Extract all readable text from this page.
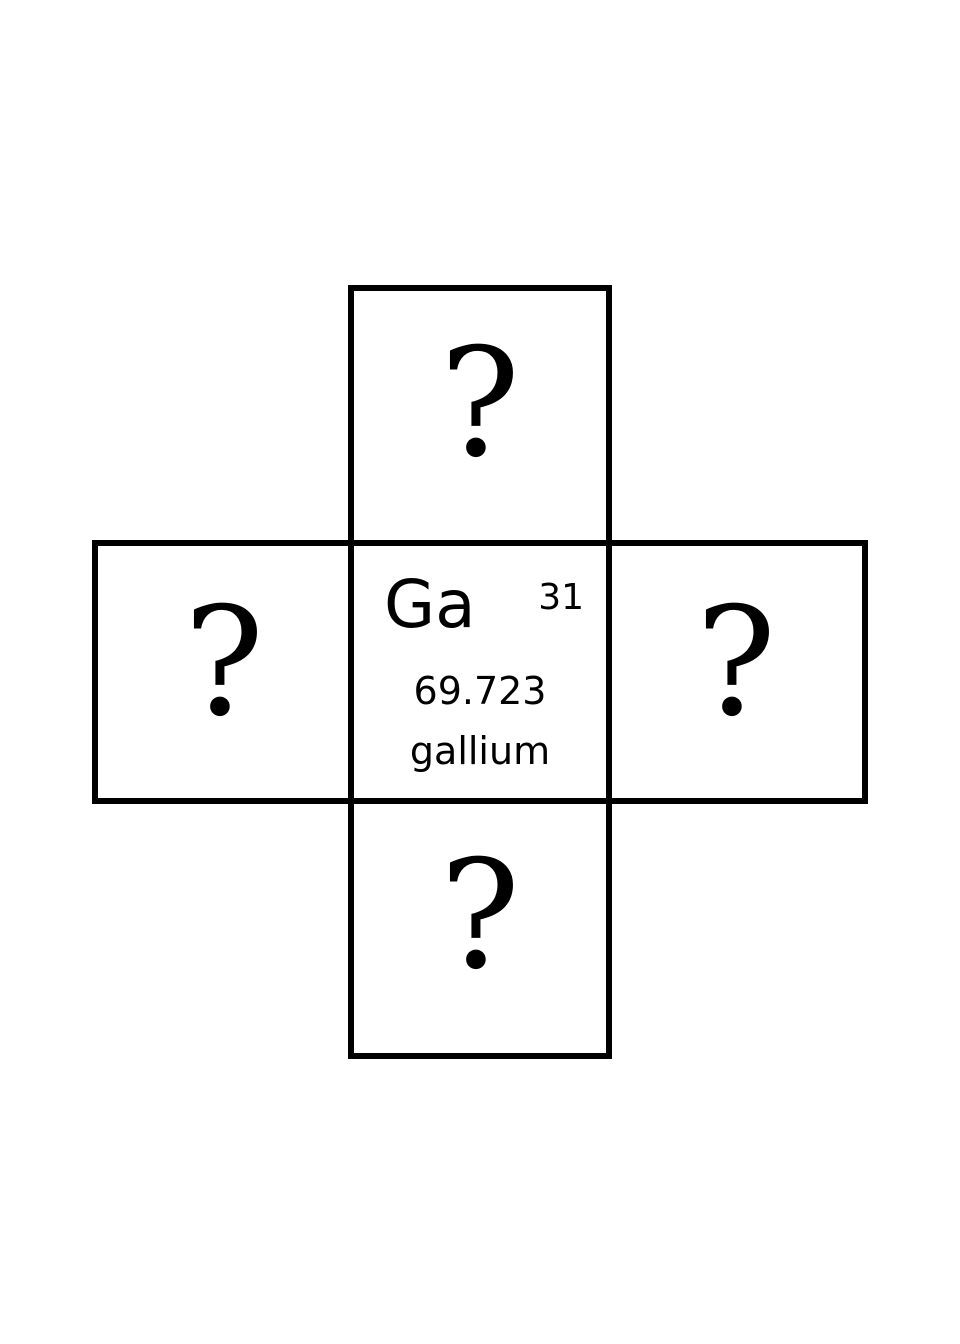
?
?	?
?
Ga 31
69.723
gallium
